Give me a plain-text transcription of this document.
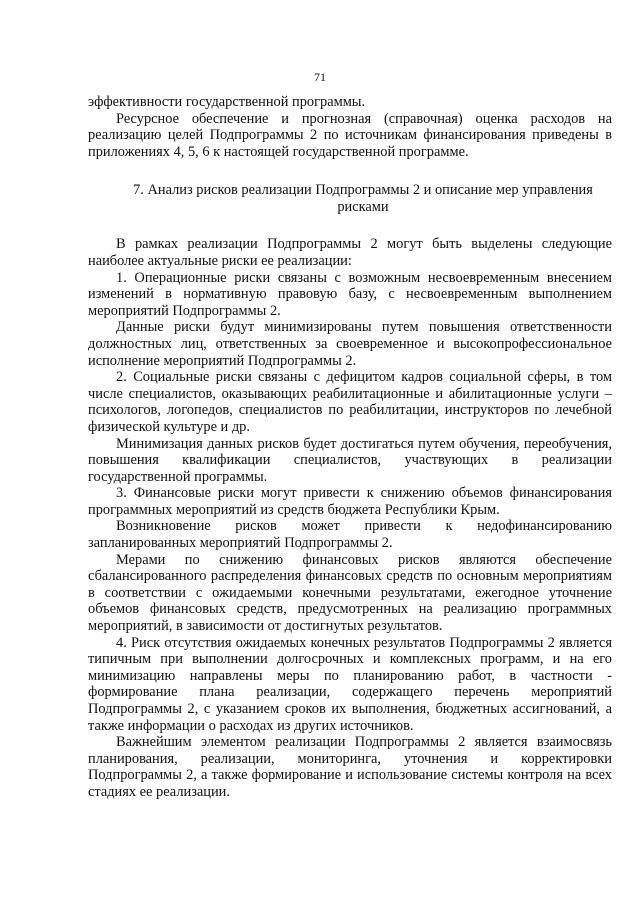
71

эффективности государственной программы.

Ресурсное обеспечение и прогнозная (справочная) оценка расходов на реализацию целей Подпрограммы 2 по источникам финансирования приведены в приложениях 4, 5, 6 к настоящей государственной программе.

7. Анализ рисков реализации Подпрограммы 2 и описание мер управления рисками

В рамках реализации Подпрограммы 2 могут быть выделены следующие наиболее актуальные риски ее реализации:

1. Операционные риски связаны с возможным несвоевременным внесением изменений в нормативную правовую базу, с несвоевременным выполнением мероприятий Подпрограммы 2.

Данные риски будут минимизированы путем повышения ответственности должностных лиц, ответственных за своевременное и высокопрофессиональное исполнение мероприятий Подпрограммы 2.

2. Социальные риски связаны с дефицитом кадров социальной сферы, в том числе специалистов, оказывающих реабилитационные и абилитационные услуги – психологов, логопедов, специалистов по реабилитации, инструкторов по лечебной физической культуре и др.

Минимизация данных рисков будет достигаться путем обучения, переобучения, повышения квалификации специалистов, участвующих в реализации государственной программы.

3. Финансовые риски могут привести к снижению объемов финансирования программных мероприятий из средств бюджета Республики Крым.

Возникновение рисков может привести к недофинансированию запланированных мероприятий Подпрограммы 2.

Мерами по снижению финансовых рисков являются обеспечение сбалансированного распределения финансовых средств по основным мероприятиям в соответствии с ожидаемыми конечными результатами, ежегодное уточнение объемов финансовых средств, предусмотренных на реализацию программных мероприятий, в зависимости от достигнутых результатов.

4. Риск отсутствия ожидаемых конечных результатов Подпрограммы 2 является типичным при выполнении долгосрочных и комплексных программ, и на его минимизацию направлены меры по планированию работ, в частности - формирование плана реализации, содержащего перечень мероприятий Подпрограммы 2, с указанием сроков их выполнения, бюджетных ассигнований, а также информации о расходах из других источников.

Важнейшим элементом реализации Подпрограммы 2 является взаимосвязь планирования, реализации, мониторинга, уточнения и корректировки Подпрограммы 2, а также формирование и использование системы контроля на всех стадиях ее реализации.
